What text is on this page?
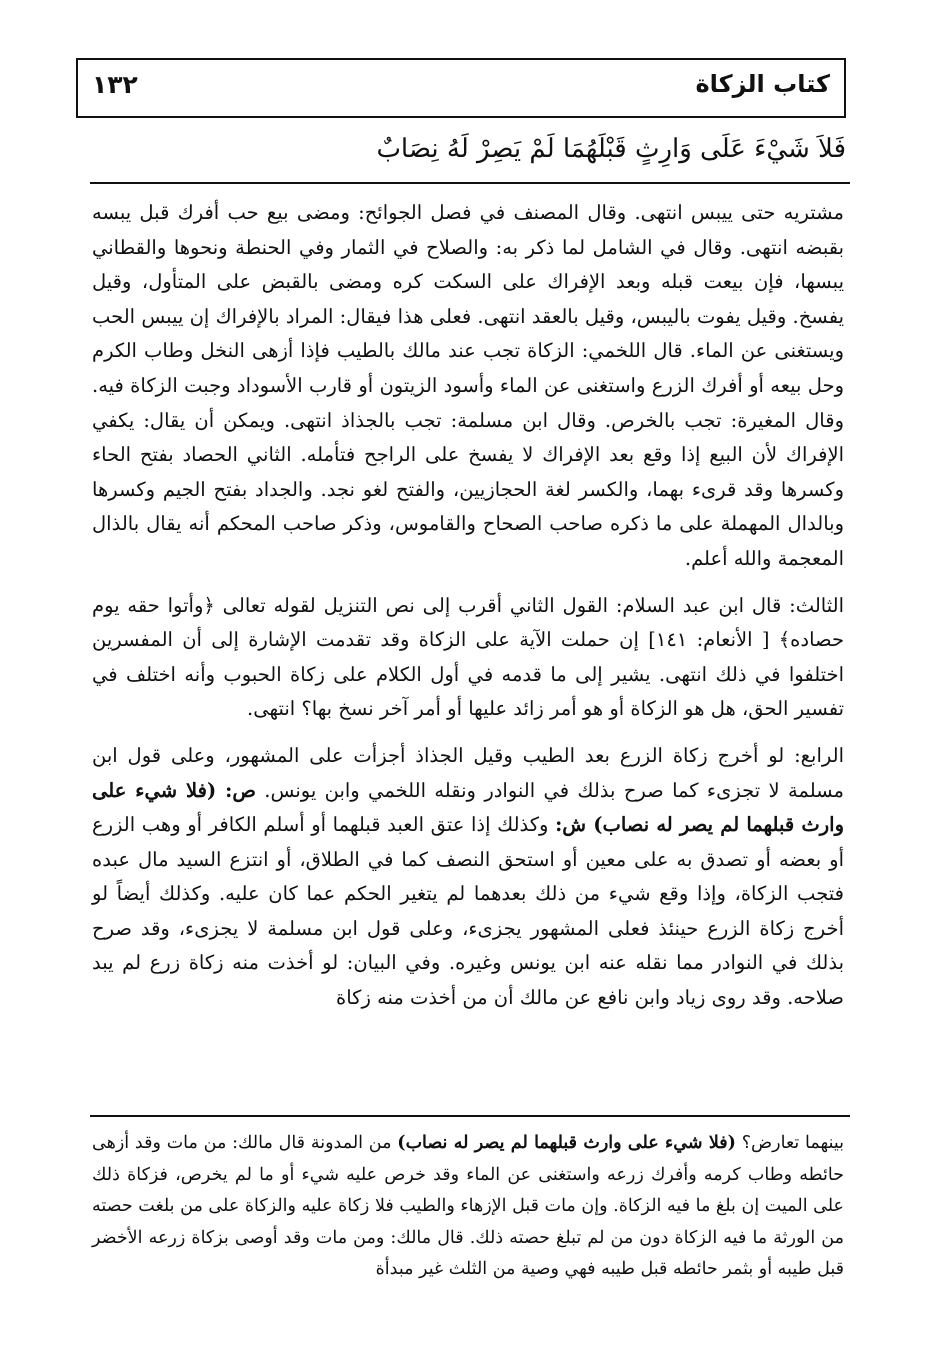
كتاب الزكاة
١٣٢
فَلاَ شَيْءَ عَلَى وَارِثٍ قَبْلَهُمَا لَمْ يَصِرْ لَهُ نِصَابٌ

مشتريه حتى ييبس انتهى. وقال المصنف في فصل الجوائح: ومضى بيع حب أفرك قبل يبسه بقبضه انتهى. وقال في الشامل لما ذكر به: والصلاح في الثمار وفي الحنطة ونحوها والقطاني يبسها، فإن بيعت قبله وبعد الإفراك على السكت كره ومضى بالقبض على المتأول، وقيل يفسخ. وقيل يفوت باليبس، وقيل بالعقد انتهى. فعلى هذا فيقال: المراد بالإفراك إن ييبس الحب ويستغنى عن الماء. قال اللخمي: الزكاة تجب عند مالك بالطيب فإذا أزهى النخل وطاب الكرم وحل بيعه أو أفرك الزرع واستغنى عن الماء وأسود الزيتون أو قارب الأسوداد وجبت الزكاة فيه. وقال المغيرة: تجب بالخرص. وقال ابن مسلمة: تجب بالجذاذ انتهى. ويمكن أن يقال: يكفي الإفراك لأن البيع إذا وقع بعد الإفراك لا يفسخ على الراجح فتأمله. الثاني الحصاد بفتح الحاء وكسرها وقد قرىء بهما، والكسر لغة الحجازيين، والفتح لغو نجد. والجداد بفتح الجيم وكسرها وبالدال المهملة على ما ذكره صاحب الصحاح والقاموس، وذكر صاحب المحكم أنه يقال بالذال المعجمة والله أعلم.

الثالث: قال ابن عبد السلام: القول الثاني أقرب إلى نص التنزيل لقوله تعالى ﴿وأتوا حقه يوم حصاده﴾ [ الأنعام: ١٤١] إن حملت الآية على الزكاة وقد تقدمت الإشارة إلى أن المفسرين اختلفوا في ذلك انتهى. يشير إلى ما قدمه في أول الكلام على زكاة الحبوب وأنه اختلف في تفسير الحق، هل هو الزكاة أو هو أمر زائد عليها أو أمر آخر نسخ بها؟ انتهى.

الرابع: لو أخرج زكاة الزرع بعد الطيب وقيل الجذاذ أجزأت على المشهور، وعلى قول ابن مسلمة لا تجزىء كما صرح بذلك في النوادر ونقله اللخمي وابن يونس. ص: (فلا شيء على وارث قبلهما لم يصر له نصاب) ش: وكذلك إذا عتق العبد قبلهما أو أسلم الكافر أو وهب الزرع أو بعضه أو تصدق به على معين أو استحق النصف كما في الطلاق، أو انتزع السيد مال عبده فتجب الزكاة، وإذا وقع شيء من ذلك بعدهما لم يتغير الحكم عما كان عليه. وكذلك أيضاً لو أخرج زكاة الزرع حينئذ فعلى المشهور يجزىء، وعلى قول ابن مسلمة لا يجزىء، وقد صرح بذلك في النوادر مما نقله عنه ابن يونس وغيره. وفي البيان: لو أخذت منه زكاة زرع لم يبد صلاحه. وقد روى زياد وابن نافع عن مالك أن من أخذت منه زكاة

بينهما تعارض؟ (فلا شيء على وارث قبلهما لم يصر له نصاب) من المدونة قال مالك: من مات وقد أزهى حائطه وطاب كرمه وأفرك زرعه واستغنى عن الماء وقد خرص عليه شيء أو ما لم يخرص، فزكاة ذلك على الميت إن بلغ ما فيه الزكاة. وإن مات قبل الإزهاء والطيب فلا زكاة عليه والزكاة على من بلغت حصته من الورثة ما فيه الزكاة دون من لم تبلغ حصته ذلك. قال مالك: ومن مات وقد أوصى بزكاة زرعه الأخضر قبل طيبه أو بثمر حائطه قبل طيبه فهي وصية من الثلث غير مبدأة
